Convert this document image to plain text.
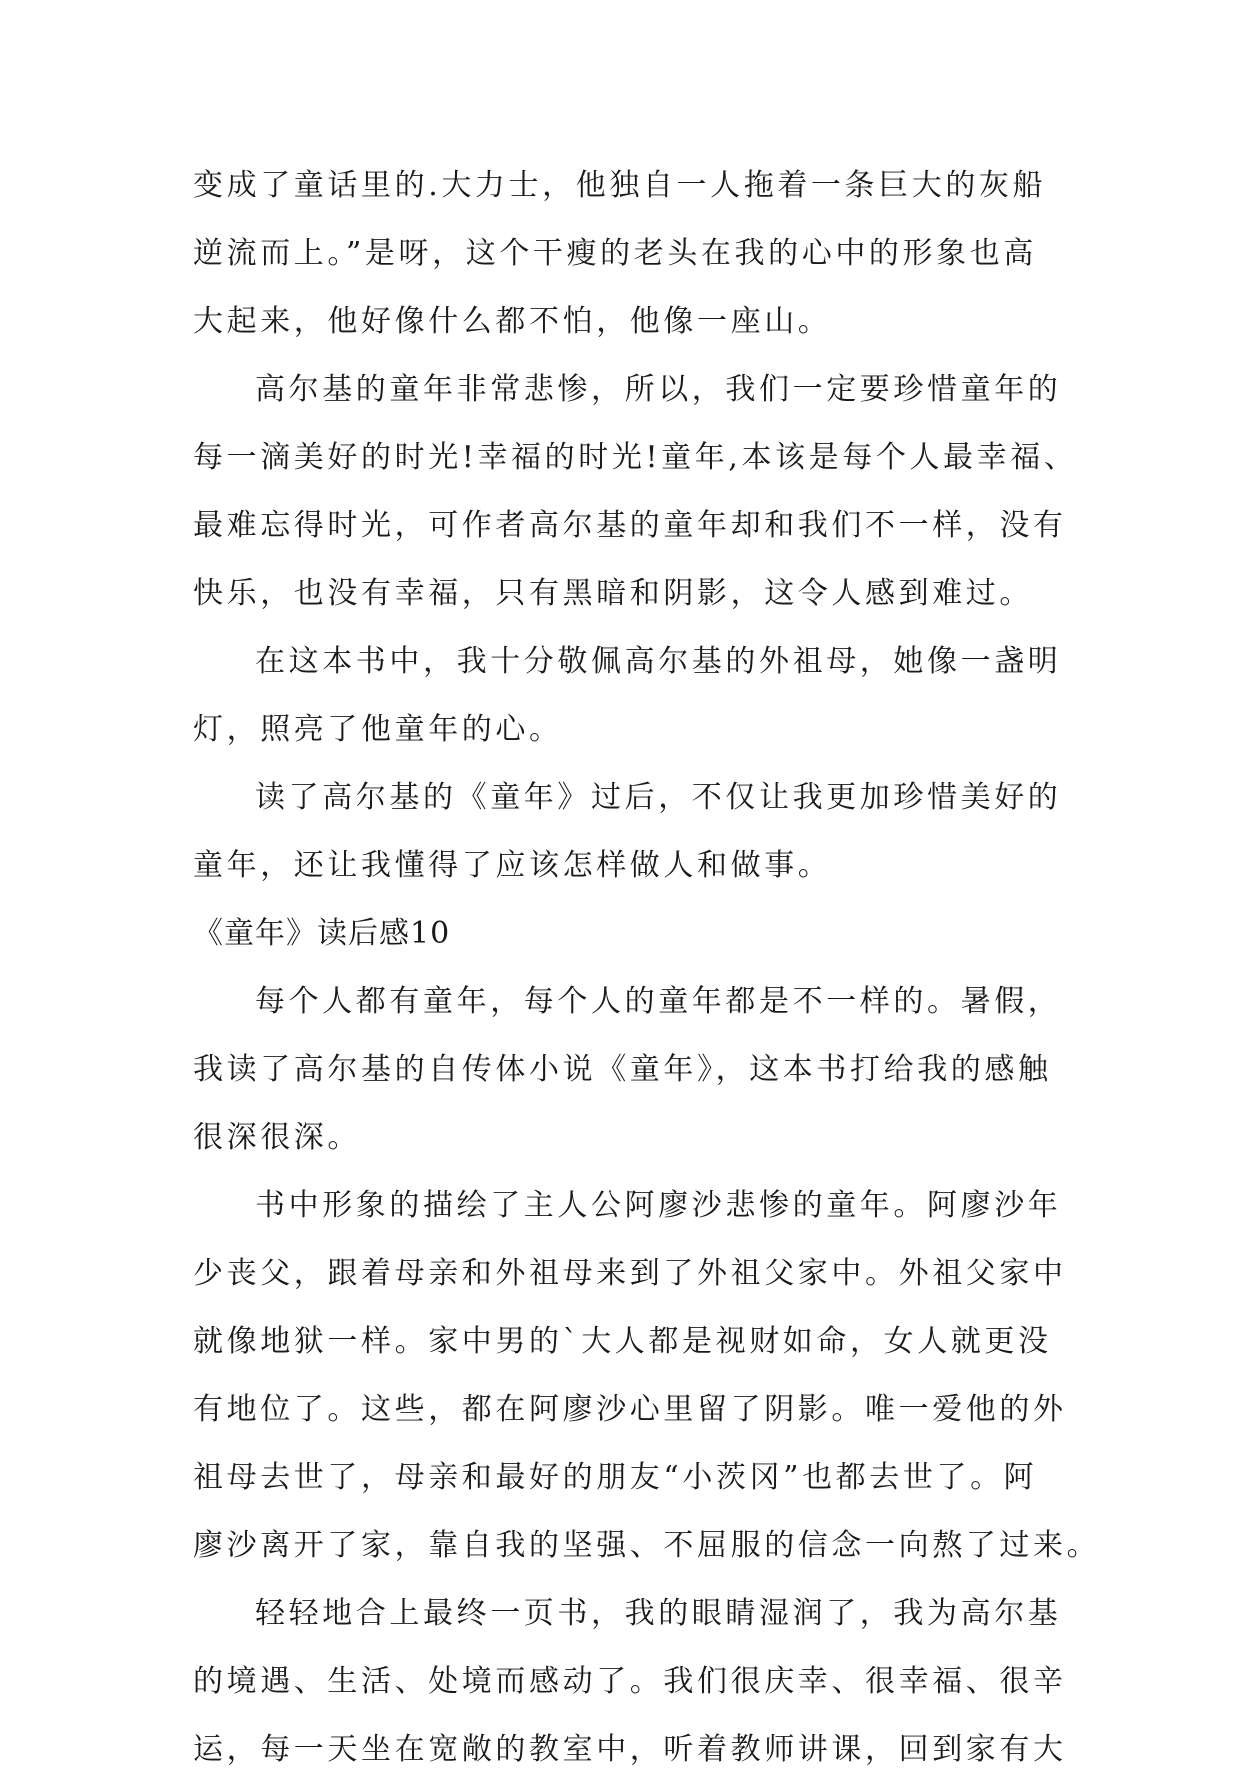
变成了童话里的.大力士，他独自一人拖着一条巨大的灰船
逆流而上。”是呀，这个干瘦的老头在我的心中的形象也高
大起来，他好像什么都不怕，他像一座山。
高尔基的童年非常悲惨，所以，我们一定要珍惜童年的
每一滴美好的时光!幸福的时光!童年,本该是每个人最幸福、
最难忘得时光，可作者高尔基的童年却和我们不一样，没有
快乐，也没有幸福，只有黑暗和阴影，这令人感到难过。
在这本书中，我十分敬佩高尔基的外祖母，她像一盏明
灯，照亮了他童年的心。
读了高尔基的《童年》过后，不仅让我更加珍惜美好的
童年，还让我懂得了应该怎样做人和做事。
《童年》读后感10
每个人都有童年，每个人的童年都是不一样的。暑假，
我读了高尔基的自传体小说《童年》，这本书打给我的感触
很深很深。
书中形象的描绘了主人公阿廖沙悲惨的童年。阿廖沙年
少丧父，跟着母亲和外祖母来到了外祖父家中。外祖父家中
就像地狱一样。家中男的`大人都是视财如命，女人就更没
有地位了。这些，都在阿廖沙心里留了阴影。唯一爱他的外
祖母去世了，母亲和最好的朋友“小茨冈”也都去世了。阿
廖沙离开了家，靠自我的坚强、不屈服的信念一向熬了过来。
轻轻地合上最终一页书，我的眼睛湿润了，我为高尔基
的境遇、生活、处境而感动了。我们很庆幸、很幸福、很辛
运，每一天坐在宽敞的教室中，听着教师讲课，回到家有大
